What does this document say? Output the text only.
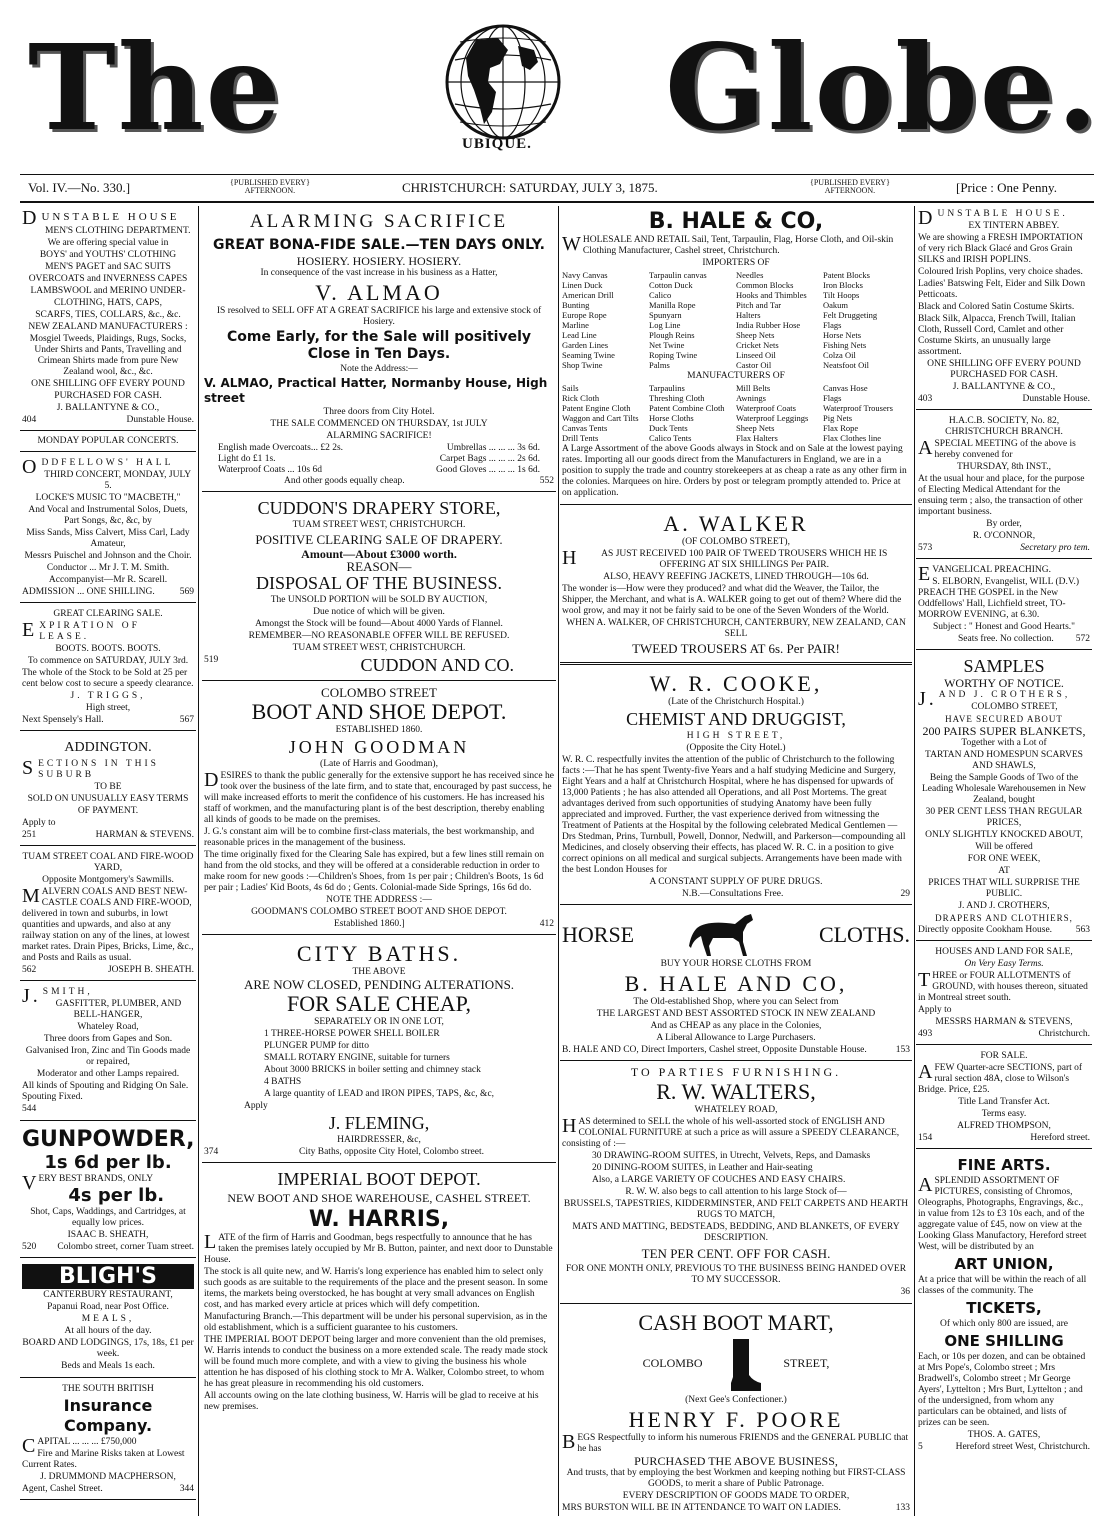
The	UBIQUE. Globe.
Vol. IV.—No. 330.]	{PUBLISHED EVERY}
AFTERNOON.	CHRISTCHURCH: SATURDAY, JULY 3, 1875.	{PUBLISHED EVERY}
AFTERNOON.	[Price : One Penny.

DUNSTABLE HOUSE

MEN'S CLOTHING DEPARTMENT.

We are offering special value in

BOYS' and YOUTHS' CLOTHING

MEN'S PAGET and SAC SUITS

OVERCOATS and INVERNESS CAPES

LAMBSWOOL and MERINO UNDER-

CLOTHING, HATS, CAPS,

SCARFS, TIES, COLLARS, &c., &c.

NEW ZEALAND MANUFACTURERS :

Mosgiel Tweeds, Plaidings, Rugs, Socks, Under Shirts and Pants, Travelling and Crimean Shirts made from pure New Zealand wool, &c., &c.

ONE SHILLING OFF EVERY POUND

PURCHASED FOR CASH.

J. BALLANTYNE & CO.,

404	Dunstable House.
MONDAY POPULAR CONCERTS.

ODDFELLOWS' HALL

THIRD CONCERT, MONDAY, JULY 5.

LOCKE'S MUSIC TO "MACBETH,"

And Vocal and Instrumental Solos, Duets, Part Songs, &c, &c, by

Miss Sands, Miss Calvert, Miss Carl, Lady Amateur,

Messrs Puischel and Johnson and the Choir.

Conductor ... Mr J. T. M. Smith.

Accompanyist—Mr R. Scarell.

ADMISSION ... ONE SHILLING.	569

GREAT CLEARING SALE.

EXPIRATION OF LEASE.

BOOTS. BOOTS. BOOTS.

To commence on SATURDAY, JULY 3rd.

The whole of the Stock to be Sold at 25 per cent below cost to secure a speedy clearance.

J. TRIGGS,

High street,

Next Spensely's Hall.	567

ADDINGTON.

SECTIONS IN THIS SUBURB

TO BE

SOLD ON UNUSUALLY EASY TERMS

OF PAYMENT.

Apply to

251	HARMAN & STEVENS.

TUAM STREET COAL AND FIRE-WOOD YARD,

Opposite Montgomery's Sawmills.

MALVERN COALS AND BEST NEW-CASTLE COALS AND FIRE-WOOD, delivered in town and suburbs, in lowt quantities and upwards, and also at any railway station on any of the lines, at lowest market rates. Drain Pipes, Bricks, Lime, &c., and Posts and Rails as usual.

562	JOSEPH B. SHEATH.

J.SMITH,

GASFITTER, PLUMBER, AND BELL-HANGER,

Whateley Road,

Three doors from Gapes and Son.

Galvanised Iron, Zinc and Tin Goods made or repaired,

Moderator and other Lamps repaired.

All kinds of Spouting and Ridging On Sale. Spouting Fixed.

544

GUNPOWDER,

1s 6d per lb.

VERY BEST BRANDS, ONLY

4s per lb.

Shot, Caps, Waddings, and Cartridges, at equally low prices.

ISAAC B. SHEATH,

520 Colombo street, corner Tuam street.

BLIGH'S

CANTERBURY RESTAURANT,

Papanui Road, near Post Office.

MEALS,

At all hours of the day.

BOARD AND LODGINGS, 17s, 18s, £1 per week.

Beds and Meals 1s each.

THE SOUTH BRITISH

Insurance Company.

CAPITAL ... ... ... £750,000

Fire and Marine Risks taken at Lowest Current Rates.

J. DRUMMOND MACPHERSON,

Agent, Cashel Street.	344

ALARMING SACRIFICE

GREAT BONA-FIDE SALE.—TEN DAYS ONLY.

HOSIERY. HOSIERY. HOSIERY.

In consequence of the vast increase in his business as a Hatter,

V. ALMAO

IS resolved to SELL OFF AT A GREAT SACRIFICE his large and extensive stock of Hosiery.

Come Early, for the Sale will positively Close in Ten Days.

Note the Address:—

V. ALMAO, Practical Hatter, Normanby House, High street

Three doors from City Hotel.

THE SALE COMMENCED ON THURSDAY, 1st JULY

ALARMING SACRIFICE!

English made Overcoats... £2 2s.	Umbrellas ... ... ... 3s 6d.
Light do £1 1s.	Carpet Bags ... ... ... 2s 6d.
Waterproof Coats ... 10s 6d	Good Gloves ... ... ... 1s 6d.
And other goods equally cheap.	552

CUDDON'S DRAPERY STORE,

TUAM STREET WEST, CHRISTCHURCH.

POSITIVE CLEARING SALE OF DRAPERY.

Amount—About £3000 worth.

REASON—

DISPOSAL OF THE BUSINESS.

The UNSOLD PORTION will be SOLD BY AUCTION,

Due notice of which will be given.

Amongst the Stock will be found—About 4000 Yards of Flannel.

REMEMBER—NO REASONABLE OFFER WILL BE REFUSED.

TUAM STREET WEST, CHRISTCHURCH.

519	CUDDON AND CO.

COLOMBO STREET

BOOT AND SHOE DEPOT.

ESTABLISHED 1860.

JOHN GOODMAN

(Late of Harris and Goodman),

DESIRES to thank the public generally for the extensive support he has received since he took over the business of the late firm, and to state that, encouraged by past success, he will make increased efforts to merit the confidence of his customers. He has increased his staff of workmen, and the manufacturing plant is of the best description, thereby enabling all kinds of goods to be made on the premises.

J. G.'s constant aim will be to combine first-class materials, the best workmanship, and reasonable prices in the management of the business.

The time originally fixed for the Clearing Sale has expired, but a few lines still remain on hand from the old stocks, and they will be offered at a considerable reduction in order to make room for new goods :—Children's Shoes, from 1s per pair ; Children's Boots, 1s 6d per pair ; Ladies' Kid Boots, 4s 6d do ; Gents. Colonial-made Side Springs, 16s 6d do.

NOTE THE ADDRESS :—

GOODMAN'S COLOMBO STREET BOOT AND SHOE DEPOT.

Established 1860.]	412

CITY BATHS.

THE ABOVE

ARE NOW CLOSED, PENDING ALTERATIONS.

FOR SALE CHEAP,

SEPARATELY OR IN ONE LOT,

1 THREE-HORSE POWER SHELL BOILER

PLUNGER PUMP for ditto

SMALL ROTARY ENGINE, suitable for turners

About 3000 BRICKS in boiler setting and chimney stack

4 BATHS

A large quantity of LEAD and IRON PIPES, TAPS, &c, &c,

Apply

J. FLEMING,

HAIRDRESSER, &c,

374	City Baths, opposite City Hotel, Colombo street.

IMPERIAL BOOT DEPOT.

NEW BOOT AND SHOE WAREHOUSE, CASHEL STREET.

W. HARRIS,

LATE of the firm of Harris and Goodman, begs respectfully to announce that he has taken the premises lately occupied by Mr B. Button, painter, and next door to Dunstable House.

The stock is all quite new, and W. Harris's long experience has enabled him to select only such goods as are suitable to the requirements of the place and the present season. In some items, the markets being overstocked, he has bought at very small advances on English cost, and has marked every article at prices which will defy competition.

Manufacturing Branch.—This department will be under his personal supervision, as in the old establishment, which is a sufficient guarantee to his customers.

THE IMPERIAL BOOT DEPOT being larger and more convenient than the old premises, W. Harris intends to conduct the business on a more extended scale. The ready made stock will be found much more complete, and with a view to giving the business his whole attention he has disposed of his clothing stock to Mr A. Walker, Colombo street, to whom he has great pleasure in recommending his old customers.

All accounts owing on the late clothing business, W. Harris will be glad to receive at his new premises.

B. HALE & CO,

WHOLESALE AND RETAIL Sail, Tent, Tarpaulin, Flag, Horse Cloth, and Oil-skin Clothing Manufacturer, Cashel street, Christchurch.

IMPORTERS OF

Navy Canvas	Tarpaulin canvas	Needles	Patent Blocks
Linen Duck	Cotton Duck	Common Blocks	Iron Blocks
American Drill	Calico	Hooks and Thimbles	Tilt Hoops
Bunting	Manilla Rope	Pitch and Tar	Oakum
Europe Rope	Spunyarn	Halters	Felt Druggeting
Marline	Log Line	India Rubber Hose	Flags
Lead Line	Plough Reins	Sheep Nets	Horse Nets
Garden Lines	Net Twine	Cricket Nets	Fishing Nets
Seaming Twine	Roping Twine	Linseed Oil	Colza Oil
Shop Twine	Palms	Castor Oil	Neatsfoot Oil

MANUFACTURERS OF

Sails	Tarpaulins	Mill Belts	Canvas Hose
Rick Cloth	Threshing Cloth	Awnings	Flags
Patent Engine Cloth	Patent Combine Cloth	Waterproof Coats	Waterproof Trousers
Waggon and Cart Tilts	Horse Cloths	Waterproof Leggings	Pig Nets
Canvas Tents	Duck Tents	Sheep Nets	Flax Rope
Drill Tents	Calico Tents	Flax Halters	Flax Clothes line

A Large Assortment of the above Goods always in Stock and on Sale at the lowest paying rates. Importing all our goods direct from the Manufacturers in England, we are in a position to supply the trade and country storekeepers at as cheap a rate as any other firm in the colonies. Marquees on hire. Orders by post or telegram promptly attended to. Price at on application.

A. WALKER

(OF COLOMBO STREET),

HAS JUST RECEIVED 100 PAIR OF TWEED TROUSERS WHICH HE IS OFFERING AT SIX SHILLINGS Per PAIR.

ALSO, HEAVY REEFING JACKETS, LINED THROUGH—10s 6d.

The wonder is—How were they produced? and what did the Weaver, the Tailor, the Shipper, the Merchant, and what is A. WALKER going to get out of them? Where did the wool grow, and may it not be fairly said to be one of the Seven Wonders of the World.

WHEN A. WALKER, OF CHRISTCHURCH, CANTERBURY, NEW ZEALAND, CAN SELL

TWEED TROUSERS AT 6s. Per PAIR!

W. R. COOKE,

(Late of the Christchurch Hospital.)

CHEMIST AND DRUGGIST,

HIGH STREET,

(Opposite the City Hotel.)

W. R. C. respectfully invites the attention of the public of Christchurch to the following facts :—That he has spent Twenty-five Years and a half studying Medicine and Surgery, Eight Years and a half at Christchurch Hospital, where he has dispensed for upwards of 13,000 Patients ; he has also attended all Operations, and all Post Mortems. The great advantages derived from such opportunities of studying Anatomy have been fully appreciated and improved. Further, the vast experience derived from witnessing the Treatment of Patients at the Hospital by the following celebrated Medical Gentlemen —Drs Stedman, Prins, Turnbull, Powell, Donnor, Nedwill, and Parkerson—compounding all Medicines, and closely observing their effects, has placed W. R. C. in a position to give correct opinions on all medical and surgical subjects. Arrangements have been made with the best London Houses for

A CONSTANT SUPPLY OF PURE DRUGS.

N.B.—Consultations Free.	29
HORSE	CLOTHS.

BUY YOUR HORSE CLOTHS FROM

B. HALE AND CO,

The Old-established Shop, where you can Select from

THE LARGEST AND BEST ASSORTED STOCK IN NEW ZEALAND

And as CHEAP as any place in the Colonies,

A Liberal Allowance to Large Purchasers.

B. HALE AND CO, Direct Importers, Cashel street, Opposite Dunstable House.	153

TO PARTIES FURNISHING.

R. W. WALTERS,

WHATELEY ROAD,

HAS determined to SELL the whole of his well-assorted stock of ENGLISH AND COLONIAL FURNITURE at such a price as will assure a SPEEDY CLEARANCE, consisting of :—

30 DRAWING-ROOM SUITES, in Utrecht, Velvets, Reps, and Damasks

20 DINING-ROOM SUITES, in Leather and Hair-seating

Also, a LARGE VARIETY OF COUCHES AND EASY CHAIRS.

R. W. W. also begs to call attention to his large Stock of—

BRUSSELS, TAPESTRIES, KIDDERMINSTER, AND FELT CARPETS AND HEARTH RUGS TO MATCH,

MATS AND MATTING, BEDSTEADS, BEDDING, AND BLANKETS, OF EVERY DESCRIPTION.

TEN PER CENT. OFF FOR CASH.

FOR ONE MONTH ONLY, PREVIOUS TO THE BUSINESS BEING HANDED OVER TO MY SUCCESSOR.

36

CASH BOOT MART,

COLOMBO	STREET,

(Next Gee's Confectioner.)

HENRY F. POORE

BEGS Respectfully to inform his numerous FRIENDS and the GENERAL PUBLIC that he has

PURCHASED THE ABOVE BUSINESS,

And trusts, that by employing the best Workmen and keeping nothing but FIRST-CLASS GOODS, to merit a share of Public Patronage.

EVERY DESCRIPTION OF GOODS MADE TO ORDER,

MRS BURSTON WILL BE IN ATTENDANCE TO WAIT ON LADIES.	133

DUNSTABLE HOUSE.

EX TINTERN ABBEY.

We are showing a FRESH IMPORTATION of very rich Black Glacé and Gros Grain SILKS and IRISH POPLINS.

Coloured Irish Poplins, very choice shades.

Ladies' Batswing Felt, Eider and Silk Down Petticoats.

Black and Colored Satin Costume Skirts.

Black Silk, Alpacca, French Twill, Italian Cloth, Russell Cord, Camlet and other Costume Skirts, an unusually large assortment.

ONE SHILLING OFF EVERY POUND PURCHASED FOR CASH.

J. BALLANTYNE & CO.,

403	Dunstable House.

H.A.C.B. SOCIETY, No. 82, CHRISTCHURCH BRANCH.

ASPECIAL MEETING of the above is hereby convened for

THURSDAY, 8th INST.,

At the usual hour and place, for the purpose of Electing Medical Attendant for the ensuing term ; also, the transaction of other important business.

By order,

R. O'CONNOR,

573	Secretary pro tem.

EVANGELICAL PREACHING.

S. ELBORN, Evangelist, WILL (D.V.) PREACH THE GOSPEL in the New Oddfellows' Hall, Lichfield street, TO-MORROW EVENING, at 6.30.

Subject : " Honest and Good Hearts."

Seats free. No collection. 572

SAMPLES

WORTHY OF NOTICE.

J.AND J. CROTHERS,

COLOMBO STREET,

HAVE SECURED ABOUT

200 PAIRS SUPER BLANKETS,

Together with a Lot of

TARTAN AND HOMESPUN SCARVES AND SHAWLS,

Being the Sample Goods of Two of the Leading Wholesale Warehousemen in New Zealand, bought

30 PER CENT LESS THAN REGULAR PRICES,

ONLY SLIGHTLY KNOCKED ABOUT,

Will be offered

FOR ONE WEEK,

AT

PRICES THAT WILL SURPRISE THE PUBLIC.

J. AND J. CROTHERS,

DRAPERS AND CLOTHIERS,

Directly opposite Cookham House. 563

HOUSES AND LAND FOR SALE,

On Very Easy Terms.

THREE or FOUR ALLOTMENTS of GROUND, with houses thereon, situated in Montreal street south.

Apply to

MESSRS HARMAN & STEVENS,

493	Christchurch.

FOR SALE.

AFEW Quarter-acre SECTIONS, part of rural section 48A, close to Wilson's Bridge. Price, £25.

Title Land Transfer Act.

Terms easy.

ALFRED THOMPSON,

154	Hereford street.

FINE ARTS.

ASPLENDID ASSORTMENT OF PICTURES, consisting of Chromos, Oleographs, Photographs, Engravings, &c., in value from 12s to £3 10s each, and of the aggregate value of £45, now on view at the Looking Glass Manufactory, Hereford street West, will be distributed by an

ART UNION,

At a price that will be within the reach of all classes of the community. The

TICKETS,

Of which only 800 are issued, are

ONE SHILLING

Each, or 10s per dozen, and can be obtained at Mrs Pope's, Colombo street ; Mrs Bradwell's, Colombo street ; Mr George Ayers', Lyttelton ; Mrs Burt, Lyttelton ; and of the undersigned, from whom any particulars can be obtained, and lists of prizes can be seen.

THOS. A. GATES,

5	Hereford street West, Christchurch.
